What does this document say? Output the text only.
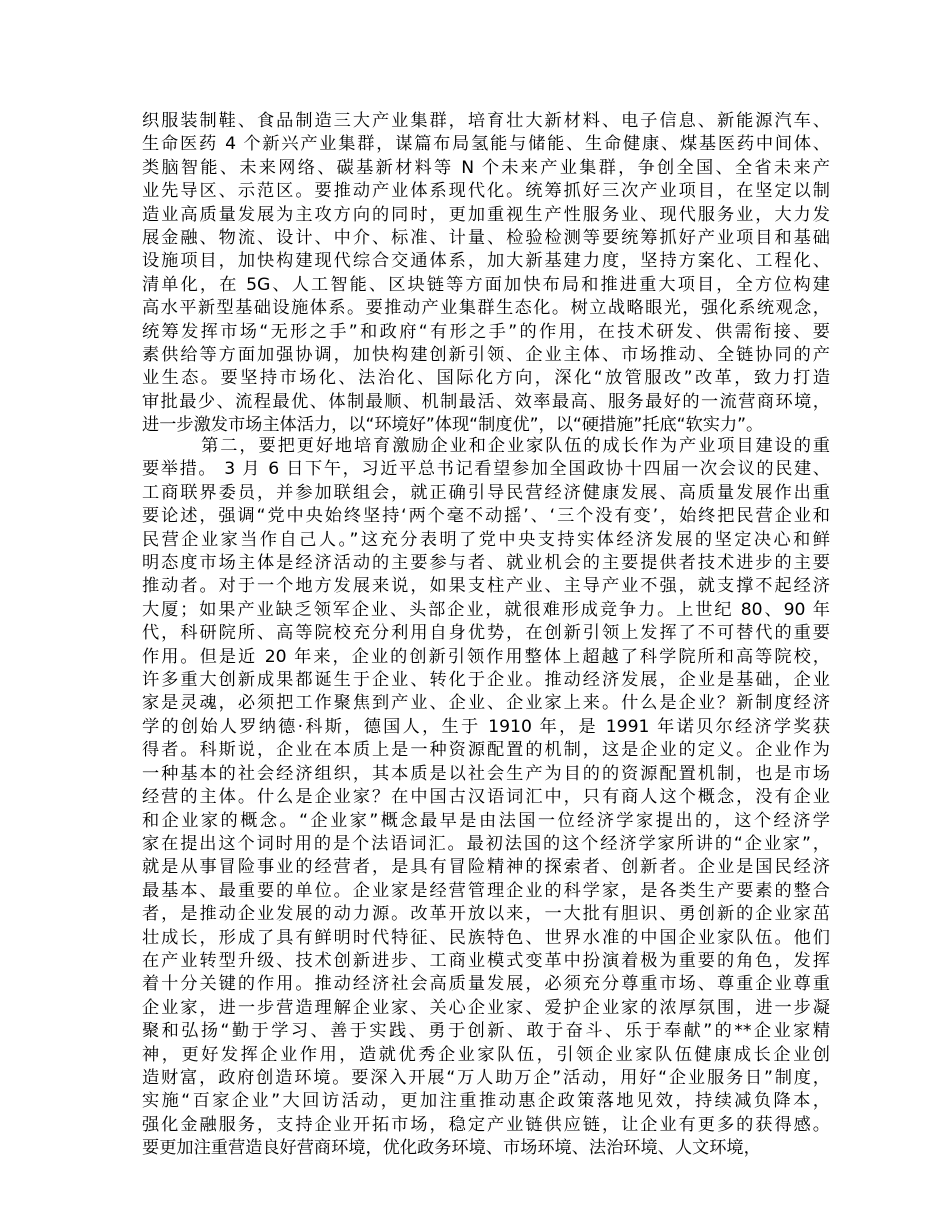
织服装制鞋、食品制造三大产业集群，培育壮大新材料、电子信息、新能源汽车、
生命医药 4 个新兴产业集群，谋篇布局氢能与储能、生命健康、煤基医药中间体、
类脑智能、未来网络、碳基新材料等 N 个未来产业集群，争创全国、全省未来产
业先导区、示范区。要推动产业体系现代化。统筹抓好三次产业项目，在坚定以制
造业高质量发展为主攻方向的同时，更加重视生产性服务业、现代服务业，大力发
展金融、物流、设计、中介、标准、计量、检验检测等要统筹抓好产业项目和基础
设施项目，加快构建现代综合交通体系，加大新基建力度，坚持方案化、工程化、
清单化，在 5G、人工智能、区块链等方面加快布局和推进重大项目，全方位构建
高水平新型基础设施体系。要推动产业集群生态化。树立战略眼光，强化系统观念，
统筹发挥市场“无形之手”和政府“有形之手”的作用，在技术研发、供需衔接、要
素供给等方面加强协调，加快构建创新引领、企业主体、市场推动、全链协同的产
业生态。要坚持市场化、法治化、国际化方向，深化“放管服改”改革，致力打造
审批最少、流程最优、体制最顺、机制最活、效率最高、服务最好的一流营商环境，
进一步激发市场主体活力，以“环境好”体现“制度优”，以“硬措施”托底“软实力”。
第二，要把更好地培育激励企业和企业家队伍的成长作为产业项目建设的重
要举措。 3 月 6 日下午，习近平总书记看望参加全国政协十四届一次会议的民建、
工商联界委员，并参加联组会，就正确引导民营经济健康发展、高质量发展作出重
要论述，强调“党中央始终坚持‘两个毫不动摇’、‘三个没有变’，始终把民营企业和
民营企业家当作自己人。”这充分表明了党中央支持实体经济发展的坚定决心和鲜
明态度市场主体是经济活动的主要参与者、就业机会的主要提供者技术进步的主要
推动者。对于一个地方发展来说，如果支柱产业、主导产业不强，就支撑不起经济
大厦；如果产业缺乏领军企业、头部企业，就很难形成竞争力。上世纪 80、90 年
代，科研院所、高等院校充分利用自身优势，在创新引领上发挥了不可替代的重要
作用。但是近 20 年来，企业的创新引领作用整体上超越了科学院所和高等院校，
许多重大创新成果都诞生于企业、转化于企业。推动经济发展，企业是基础，企业
家是灵魂，必须把工作聚焦到产业、企业、企业家上来。什么是企业？新制度经济
学的创始人罗纳德·科斯，德国人，生于 1910 年，是 1991 年诺贝尔经济学奖获
得者。科斯说，企业在本质上是一种资源配置的机制，这是企业的定义。企业作为
一种基本的社会经济组织，其本质是以社会生产为目的的资源配置机制，也是市场
经营的主体。什么是企业家？在中国古汉语词汇中，只有商人这个概念，没有企业
和企业家的概念。“企业家”概念最早是由法国一位经济学家提出的，这个经济学
家在提出这个词时用的是个法语词汇。最初法国的这个经济学家所讲的“企业家”，
就是从事冒险事业的经营者，是具有冒险精神的探索者、创新者。企业是国民经济
最基本、最重要的单位。企业家是经营管理企业的科学家，是各类生产要素的整合
者，是推动企业发展的动力源。改革开放以来，一大批有胆识、勇创新的企业家茁
壮成长，形成了具有鲜明时代特征、民族特色、世界水准的中国企业家队伍。他们
在产业转型升级、技术创新进步、工商业模式变革中扮演着极为重要的角色，发挥
着十分关键的作用。推动经济社会高质量发展，必须充分尊重市场、尊重企业尊重
企业家，进一步营造理解企业家、关心企业家、爱护企业家的浓厚氛围，进一步凝
聚和弘扬“勤于学习、善于实践、勇于创新、敢于奋斗、乐于奉献”的**企业家精
神，更好发挥企业作用，造就优秀企业家队伍，引领企业家队伍健康成长企业创
造财富，政府创造环境。要深入开展“万人助万企”活动，用好“企业服务日”制度，
实施“百家企业”大回访活动，更加注重推动惠企政策落地见效，持续减负降本，
强化金融服务，支持企业开拓市场，稳定产业链供应链，让企业有更多的获得感。
要更加注重营造良好营商环境，优化政务环境、市场环境、法治环境、人文环境，
